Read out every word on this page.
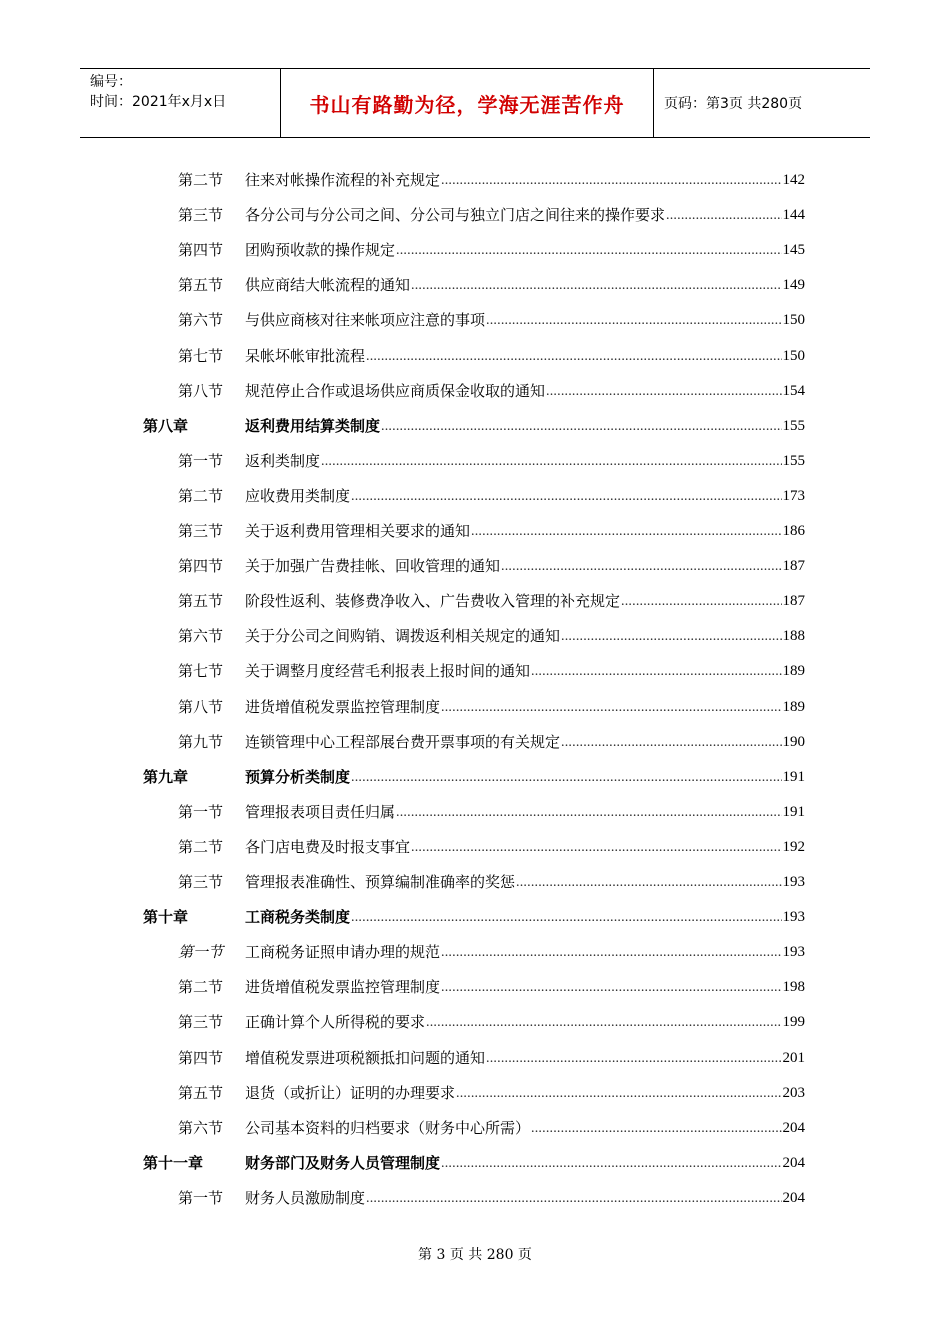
编号：
时间：2021年x月x日	书山有路勤为径，学海无涯苦作舟	页码：第3页 共280页
第二节 往来对帐操作流程的补充规定 .....	142
第三节 各分公司与分公司之间、分公司与独立门店之间往来的操作要求 .....	144
第四节 团购预收款的操作规定 .....	145
第五节 供应商结大帐流程的通知 .....	149
第六节 与供应商核对往来帐项应注意的事项 .....	150
第七节 呆帐坏帐审批流程 .....	150
第八节 规范停止合作或退场供应商质保金收取的通知 .....	154
第八章	返利费用结算类制度 .....	155
第一节 返利类制度 .....	155
第二节 应收费用类制度 .....	173
第三节 关于返利费用管理相关要求的通知 .....	186
第四节 关于加强广告费挂帐、回收管理的通知 .....	187
第五节 阶段性返利、装修费净收入、广告费收入管理的补充规定 .....	187
第六节 关于分公司之间购销、调拨返利相关规定的通知 .....	188
第七节 关于调整月度经营毛利报表上报时间的通知 .....	189
第八节 进货增值税发票监控管理制度 .....	189
第九节 连锁管理中心工程部展台费开票事项的有关规定 .....	190
第九章	预算分析类制度 .....	191
第一节 管理报表项目责任归属 .....	191
第二节 各门店电费及时报支事宜 .....	192
第三节 管理报表准确性、预算编制准确率的奖惩 .....	193
第十章	工商税务类制度 .....	193
第一节 工商税务证照申请办理的规范 .....	193
第二节 进货增值税发票监控管理制度 .....	198
第三节 正确计算个人所得税的要求 .....	199
第四节 增值税发票进项税额抵扣问题的通知 .....	201
第五节 退货（或折让）证明的办理要求 .....	203
第六节 公司基本资料的归档要求（财务中心所需） .....	204
第十一章	财务部门及财务人员管理制度 .....	204
第一节 财务人员激励制度 .....	204
第 3 页 共 280 页
